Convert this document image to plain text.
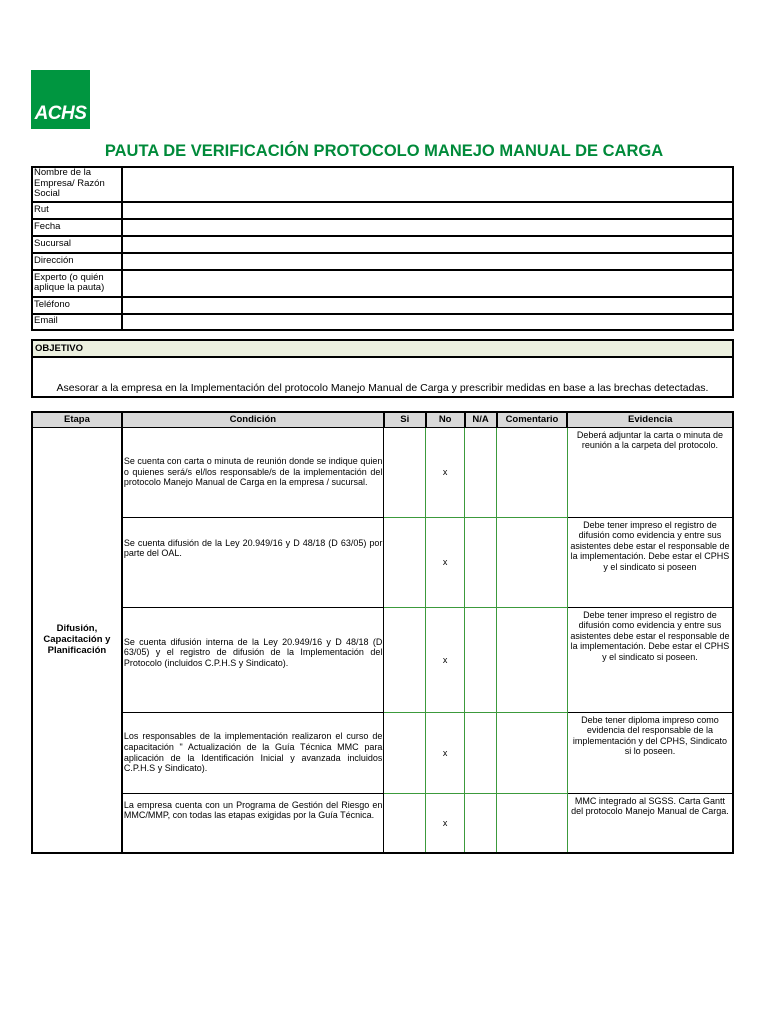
ACHS
PAUTA DE VERIFICACIÓN PROTOCOLO MANEJO MANUAL DE CARGA
Nombre de la Empresa/ Razón Social	
Rut	
Fecha	
Sucursal	
Dirección	
Experto (o quién aplique la pauta)	
Teléfono	
Email	
OBJETIVO
Asesorar a la empresa en la Implementación del protocolo Manejo Manual de Carga y prescribir medidas en base a las brechas detectadas.
Etapa	Condición	Si	No	N/A	Comentario	Evidencia
Difusión, Capacitación y Planificación	Se cuenta con carta o minuta de reunión donde se indique quien o quienes será/s el/los responsable/s de la implementación del protocolo Manejo Manual de Carga en la empresa / sucursal.		x			Deberá adjuntar la carta o minuta de reunión a la carpeta del protocolo.
	Se cuenta difusión de la Ley 20.949/16 y D 48/18 (D 63/05) por parte del OAL.		x			Debe tener impreso el registro de difusión como evidencia y entre sus asistentes debe estar el responsable de la implementación. Debe estar el CPHS y el sindicato si poseen
	Se cuenta difusión interna de la Ley 20.949/16 y D 48/18 (D 63/05) y el registro de difusión de la Implementación del Protocolo (incluidos C.P.H.S y Sindicato).		x			Debe tener impreso el registro de difusión como evidencia y entre sus asistentes debe estar el responsable de la implementación. Debe estar el CPHS y el sindicato si poseen.
	Los responsables de la implementación realizaron el curso de capacitación " Actualización de la Guía Técnica MMC para aplicación de la Identificación Inicial y avanzada incluidos C.P.H.S y Sindicato).		x			Debe tener diploma impreso como evidencia del responsable de la implementación y del CPHS, Sindicato si lo poseen.
	La empresa cuenta con un Programa de Gestión del Riesgo en MMC/MMP, con todas las etapas exigidas por la Guía Técnica.		x			MMC integrado al SGSS. Carta Gantt del protocolo Manejo Manual de Carga.
